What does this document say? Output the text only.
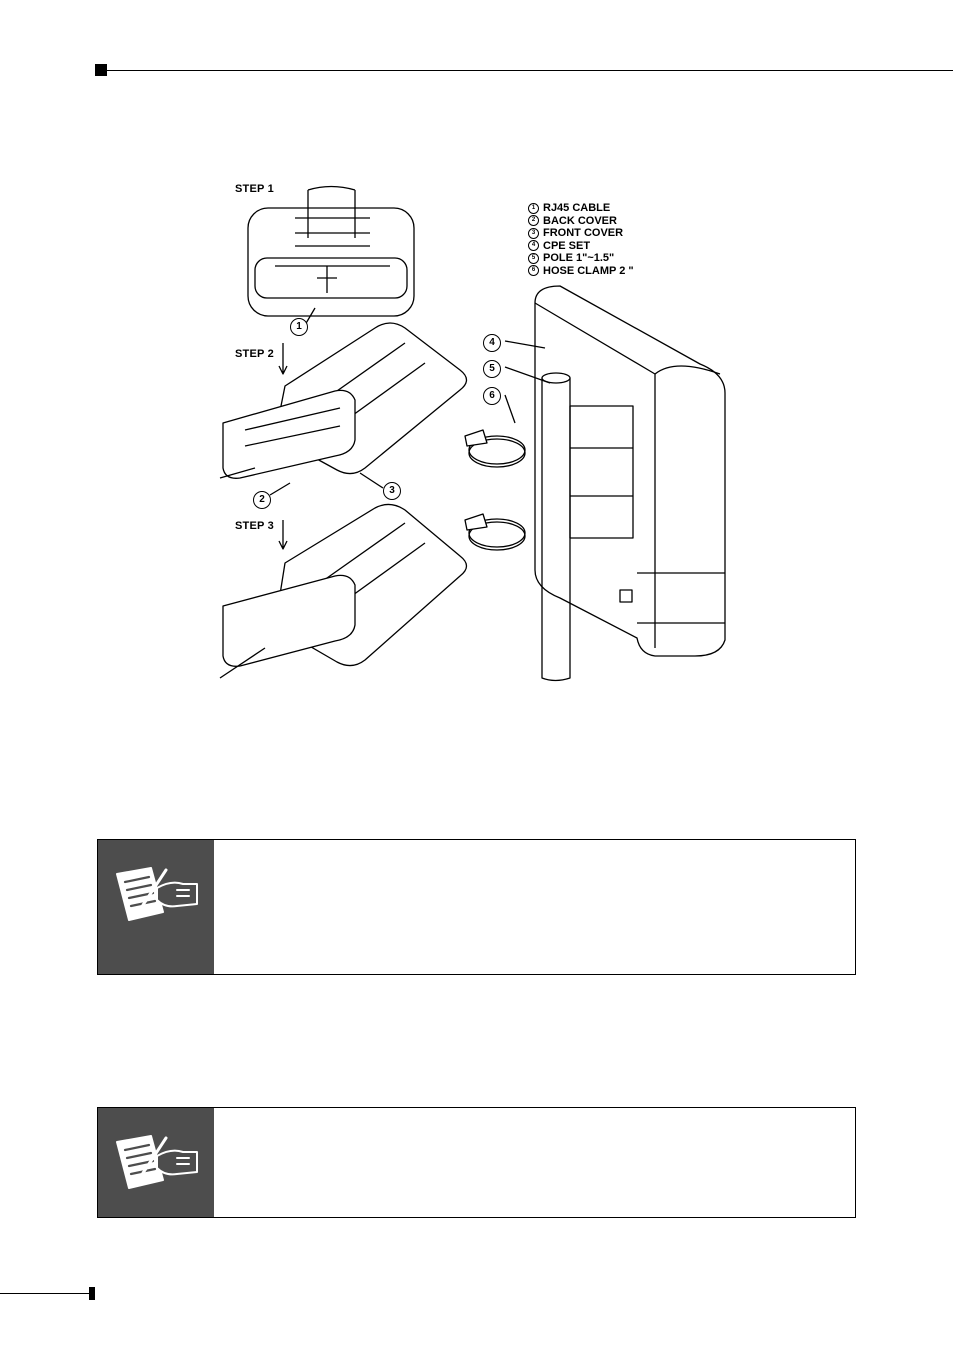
STEP 1
STEP 2
STEP 3
1 RJ45 CABLE
2 BACK COVER
3 FRONT COVER
4 CPE SET
5 POLE 1"~1.5"
6 HOSE CLAMP 2 "
1
2
3
4
5
6
